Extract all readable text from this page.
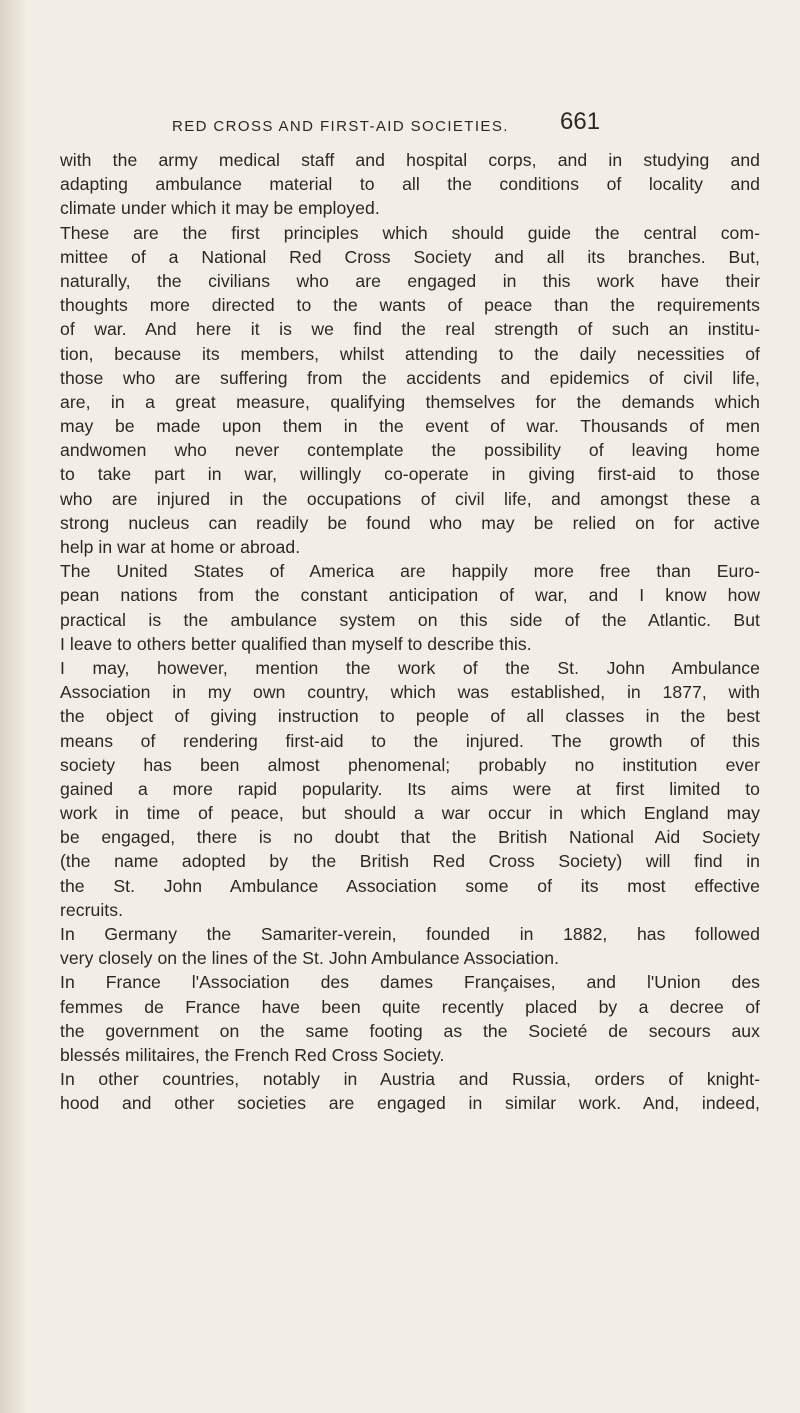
RED CROSS AND FIRST-AID SOCIETIES. 661
with the army medical staff and hospital corps, and in studying and
adapting ambulance material to all the conditions of locality and
climate under which it may be employed.
These are the first principles which should guide the central com-
mittee of a National Red Cross Society and all its branches. But,
naturally, the civilians who are engaged in this work have their
thoughts more directed to the wants of peace than the requirements
of war. And here it is we find the real strength of such an institu-
tion, because its members, whilst attending to the daily necessities of
those who are suffering from the accidents and epidemics of civil life,
are, in a great measure, qualifying themselves for the demands which
may be made upon them in the event of war. Thousands of men
andwomen who never contemplate the possibility of leaving home
to take part in war, willingly co-operate in giving first-aid to those
who are injured in the occupations of civil life, and amongst these a
strong nucleus can readily be found who may be relied on for active
help in war at home or abroad.
The United States of America are happily more free than Euro-
pean nations from the constant anticipation of war, and I know how
practical is the ambulance system on this side of the Atlantic. But
I leave to others better qualified than myself to describe this.
I may, however, mention the work of the St. John Ambulance
Association in my own country, which was established, in 1877, with
the object of giving instruction to people of all classes in the best
means of rendering first-aid to the injured. The growth of this
society has been almost phenomenal; probably no institution ever
gained a more rapid popularity. Its aims were at first limited to
work in time of peace, but should a war occur in which England may
be engaged, there is no doubt that the British National Aid Society
(the name adopted by the British Red Cross Society) will find in
the St. John Ambulance Association some of its most effective
recruits.
In Germany the Samariter-verein, founded in 1882, has followed
very closely on the lines of the St. John Ambulance Association.
In France l'Association des dames Françaises, and l'Union des
femmes de France have been quite recently placed by a decree of
the government on the same footing as the Societé de secours aux
blessés militaires, the French Red Cross Society.
In other countries, notably in Austria and Russia, orders of knight-
hood and other societies are engaged in similar work. And, indeed,
